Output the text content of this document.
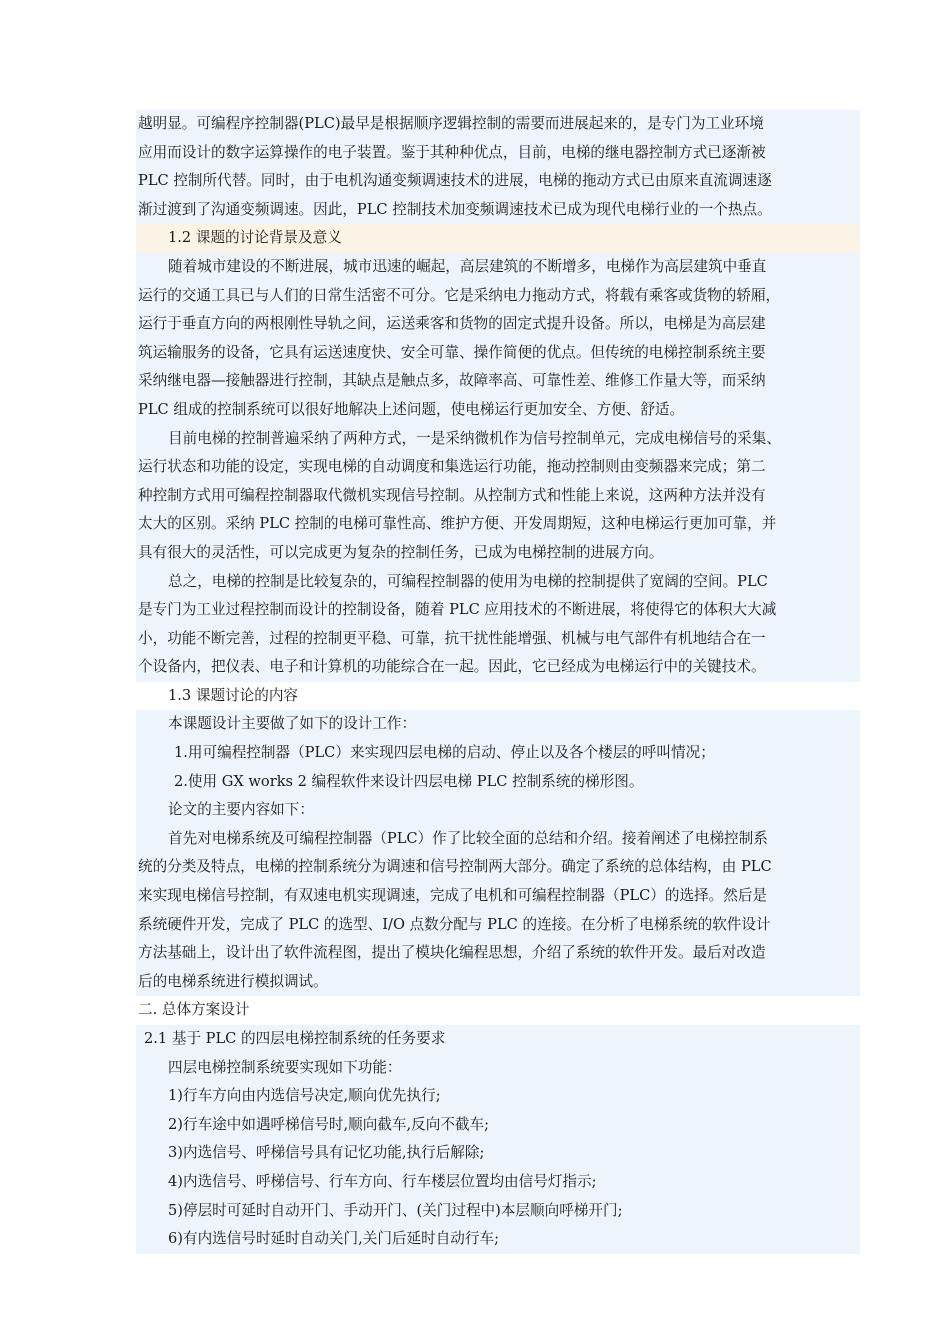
越明显。可编程序控制器(PLC)最早是根据顺序逻辑控制的需要而进展起来的，是专门为工业环境
应用而设计的数字运算操作的电子装置。鉴于其种种优点，目前，电梯的继电器控制方式已逐渐被
PLC 控制所代替。同时，由于电机沟通变频调速技术的进展，电梯的拖动方式已由原来直流调速逐
渐过渡到了沟通变频调速。因此，PLC 控制技术加变频调速技术已成为现代电梯行业的一个热点。
1.2 课题的讨论背景及意义
随着城市建设的不断进展，城市迅速的崛起，高层建筑的不断增多，电梯作为高层建筑中垂直
运行的交通工具已与人们的日常生活密不可分。它是采纳电力拖动方式，将载有乘客或货物的轿厢，
运行于垂直方向的两根刚性导轨之间，运送乘客和货物的固定式提升设备。所以，电梯是为高层建
筑运输服务的设备，它具有运送速度快、安全可靠、操作简便的优点。但传统的电梯控制系统主要
采纳继电器—接触器进行控制，其缺点是触点多，故障率高、可靠性差、维修工作量大等，而采纳
PLC 组成的控制系统可以很好地解决上述问题，使电梯运行更加安全、方便、舒适。
目前电梯的控制普遍采纳了两种方式，一是采纳微机作为信号控制单元，完成电梯信号的采集、
运行状态和功能的设定，实现电梯的自动调度和集选运行功能，拖动控制则由变频器来完成；第二
种控制方式用可编程控制器取代微机实现信号控制。从控制方式和性能上来说，这两种方法并没有
太大的区别。采纳 PLC 控制的电梯可靠性高、维护方便、开发周期短，这种电梯运行更加可靠，并
具有很大的灵活性，可以完成更为复杂的控制任务，已成为电梯控制的进展方向。
总之，电梯的控制是比较复杂的，可编程控制器的使用为电梯的控制提供了宽阔的空间。PLC
是专门为工业过程控制而设计的控制设备，随着 PLC 应用技术的不断进展，将使得它的体积大大减
小，功能不断完善，过程的控制更平稳、可靠，抗干扰性能增强、机械与电气部件有机地结合在一
个设备内，把仪表、电子和计算机的功能综合在一起。因此，它已经成为电梯运行中的关键技术。
1.3 课题讨论的内容
本课题设计主要做了如下的设计工作：
1.用可编程控制器（PLC）来实现四层电梯的启动、停止以及各个楼层的呼叫情况；
2.使用 GX works 2 编程软件来设计四层电梯 PLC 控制系统的梯形图。
论文的主要内容如下：
首先对电梯系统及可编程控制器（PLC）作了比较全面的总结和介绍。接着阐述了电梯控制系
统的分类及特点，电梯的控制系统分为调速和信号控制两大部分。确定了系统的总体结构，由 PLC
来实现电梯信号控制，有双速电机实现调速，完成了电机和可编程控制器（PLC）的选择。然后是
系统硬件开发，完成了 PLC 的选型、I/O 点数分配与 PLC 的连接。在分析了电梯系统的软件设计
方法基础上，设计出了软件流程图，提出了模块化编程思想，介绍了系统的软件开发。最后对改造
后的电梯系统进行模拟调试。
二. 总体方案设计
2.1 基于 PLC 的四层电梯控制系统的任务要求
四层电梯控制系统要实现如下功能：
1)行车方向由内选信号决定,顺向优先执行;
2)行车途中如遇呼梯信号时,顺向截车,反向不截车;
3)内选信号、呼梯信号具有记忆功能,执行后解除;
4)内选信号、呼梯信号、行车方向、行车楼层位置均由信号灯指示;
5)停层时可延时自动开门、手动开门、(关门过程中)本层顺向呼梯开门;
6)有内选信号时延时自动关门,关门后延时自动行车;
